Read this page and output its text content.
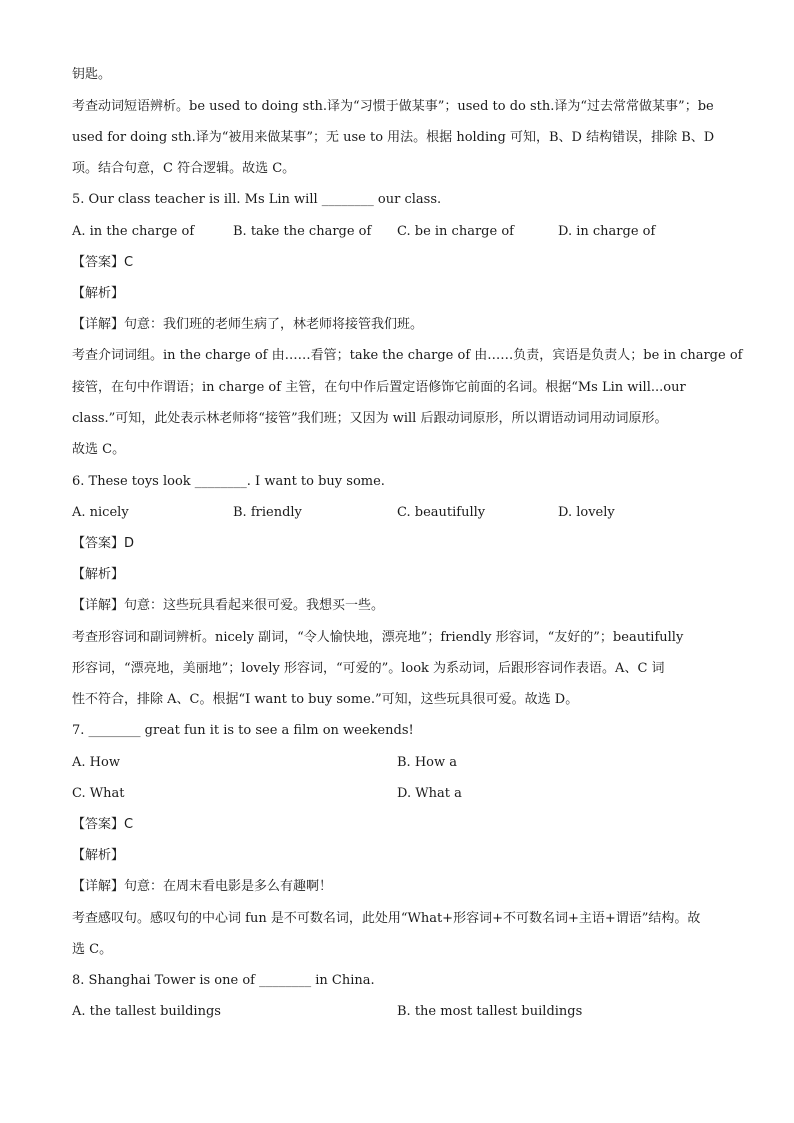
钥匙。
考查动词短语辨析。be used to doing sth.译为“习惯于做某事”；used to do sth.译为“过去常常做某事”；be
used for doing sth.译为“被用来做某事”；无 use to 用法。根据 holding 可知，B、D 结构错误，排除 B、D
项。结合句意，C 符合逻辑。故选 C。
5. Our class teacher is ill. Ms Lin will ________ our class.
A. in the charge of	B. take the charge of C. be in charge of	D. in charge of
【答案】C
【解析】
【详解】句意：我们班的老师生病了，林老师将接管我们班。
考查介词词组。in the charge of 由……看管；take the charge of 由……负责，宾语是负责人；be in charge of
接管，在句中作谓语；in charge of 主管，在句中作后置定语修饰它前面的名词。根据“Ms Lin will...our
class.”可知，此处表示林老师将“接管”我们班；又因为 will 后跟动词原形，所以谓语动词用动词原形。
故选 C。
6. These toys look ________. I want to buy some.
A. nicely	B. friendly	C. beautifully	D. lovely
【答案】D
【解析】
【详解】句意：这些玩具看起来很可爱。我想买一些。
考查形容词和副词辨析。nicely 副词，“令人愉快地，漂亮地”；friendly 形容词，“友好的”；beautifully
形容词，“漂亮地，美丽地”；lovely 形容词，“可爱的”。look 为系动词，后跟形容词作表语。A、C 词
性不符合，排除 A、C。根据“I want to buy some.”可知，这些玩具很可爱。故选 D。
7. ________ great fun it is to see a film on weekends!
A. How	B. How a
C. What	D. What a
【答案】C
【解析】
【详解】句意：在周末看电影是多么有趣啊！
考查感叹句。感叹句的中心词 fun 是不可数名词，此处用“What+形容词+不可数名词+主语+谓语”结构。故
选 C。
8. Shanghai Tower is one of ________ in China.
A. the tallest buildings	B. the most tallest buildings
